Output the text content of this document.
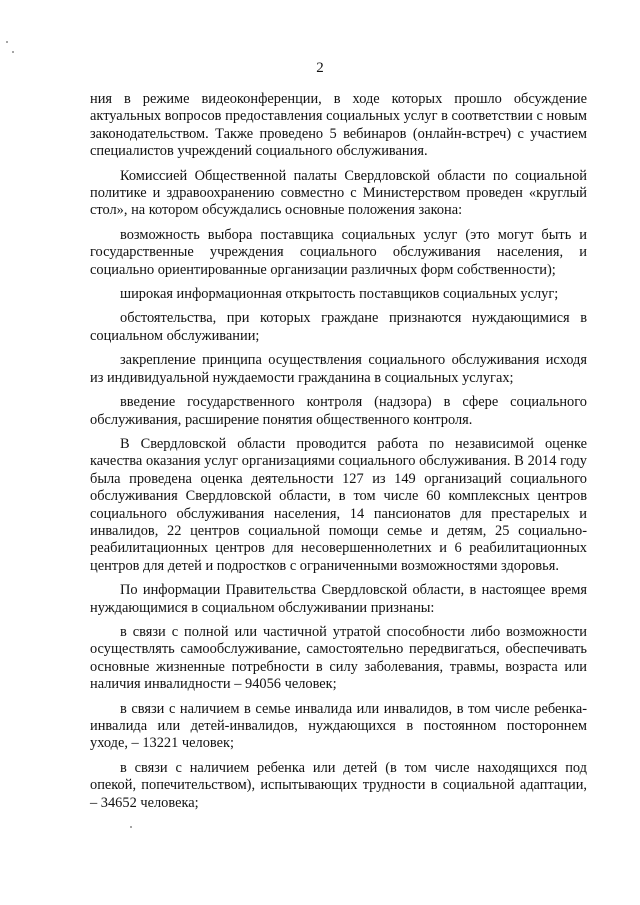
2

ния в режиме видеоконференции, в ходе которых прошло обсуждение актуальных вопросов предоставления социальных услуг в соответствии с новым законодательством. Также проведено 5 вебинаров (онлайн-встреч) с участием специалистов учреждений социального обслуживания.

Комиссией Общественной палаты Свердловской области по социальной политике и здравоохранению совместно с Министерством проведен «круглый стол», на котором обсуждались основные положения закона:

возможность выбора поставщика социальных услуг (это могут быть и государственные учреждения социального обслуживания населения, и социально ориентированные организации различных форм собственности);

широкая информационная открытость поставщиков социальных услуг;

обстоятельства, при которых граждане признаются нуждающимися в социальном обслуживании;

закрепление принципа осуществления социального обслуживания исходя из индивидуальной нуждаемости гражданина в социальных услугах;

введение государственного контроля (надзора) в сфере социального обслуживания, расширение понятия общественного контроля.

В Свердловской области проводится работа по независимой оценке качества оказания услуг организациями социального обслуживания. В 2014 году была проведена оценка деятельности 127 из 149 организаций социального обслуживания Свердловской области, в том числе 60 комплексных центров социального обслуживания населения, 14 пансионатов для престарелых и инвалидов, 22 центров социальной помощи семье и детям, 25 социально-реабилитационных центров для несовершеннолетних и 6 реабилитационных центров для детей и подростков с ограниченными возможностями здоровья.

По информации Правительства Свердловской области, в настоящее время нуждающимися в социальном обслуживании признаны:

в связи с полной или частичной утратой способности либо возможности осуществлять самообслуживание, самостоятельно передвигаться, обеспечивать основные жизненные потребности в силу заболевания, травмы, возраста или наличия инвалидности – 94056 человек;

в связи с наличием в семье инвалида или инвалидов, в том числе ребенка-инвалида или детей-инвалидов, нуждающихся в постоянном постороннем уходе, – 13221 человек;

в связи с наличием ребенка или детей (в том числе находящихся под опекой, попечительством), испытывающих трудности в социальной адаптации, – 34652 человека;
